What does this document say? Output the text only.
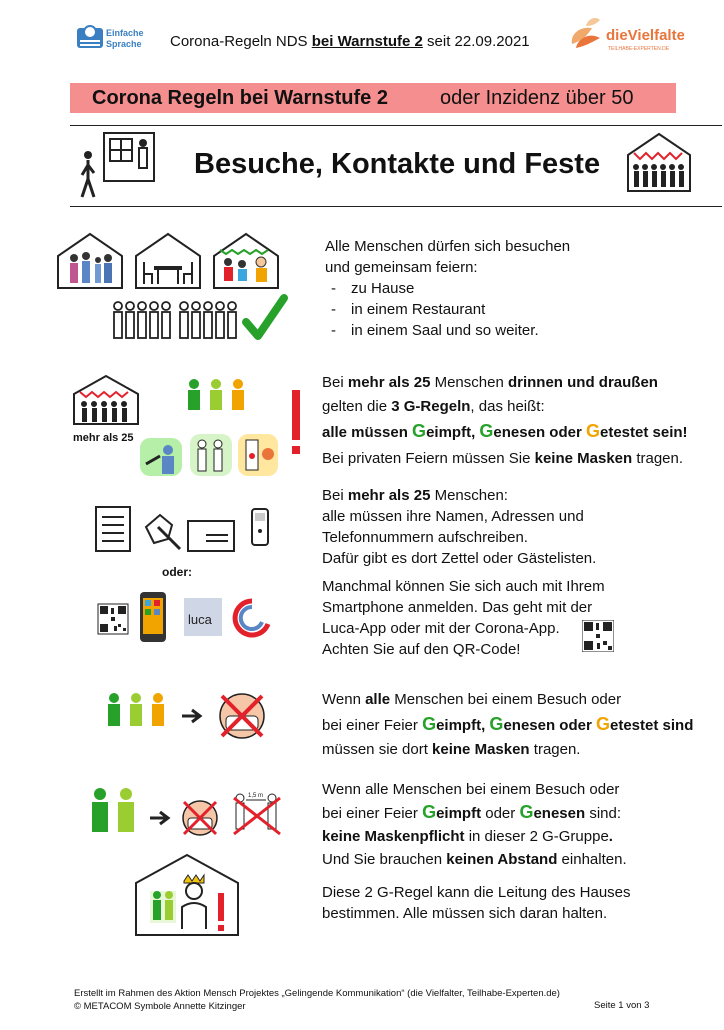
Einfache
Sprache Corona-Regeln NDS bei Warnstufe 2 seit 22.09.2021	dieVielfalter
TEILHABE-EXPERTEN.DE
Corona Regeln bei Warnstufe 2	oder Inzidenz über 50
Besuche, Kontakte und Feste

Alle Menschen dürfen sich besuchen

und gemeinsam feiern:

- zu Hause
- in einem Restaurant
- in einem Saal und so weiter.
mehr als 25

Bei mehr als 25 Menschen drinnen und draußen

gelten die 3 G-Regeln, das heißt:

alle müssen Geimpft, Genesen oder Getestet sein!

Bei privaten Feiern müssen Sie keine Masken tragen.

oder:

Bei mehr als 25 Menschen:

alle müssen ihre Namen, Adressen und

Telefonnummern aufschreiben.

Dafür gibt es dort Zettel oder Gästelisten.

luca

Manchmal können Sie sich auch mit Ihrem

Smartphone anmelden. Das geht mit der

Luca-App oder mit der Corona-App.

Achten Sie auf den QR-Code!

Wenn alle Menschen bei einem Besuch oder

bei einer Feier Geimpft, Genesen oder Getestet sind

müssen sie dort keine Masken tragen.

1,5 m	Wenn alle Menschen bei einem Besuch oder

bei einer Feier Geimpft oder Genesen sind:

keine Maskenpflicht in dieser 2 G-Gruppe.

Und Sie brauchen keinen Abstand einhalten.

Diese 2 G-Regel kann die Leitung des Hauses

bestimmen. Alle müssen sich daran halten.

Erstellt im Rahmen des Aktion Mensch Projektes „Gelingende Kommunikation“ (die Vielfalter, Teilhabe-Experten.de)
© METACOM Symbole Annette Kitzinger	Seite 1 von 3
